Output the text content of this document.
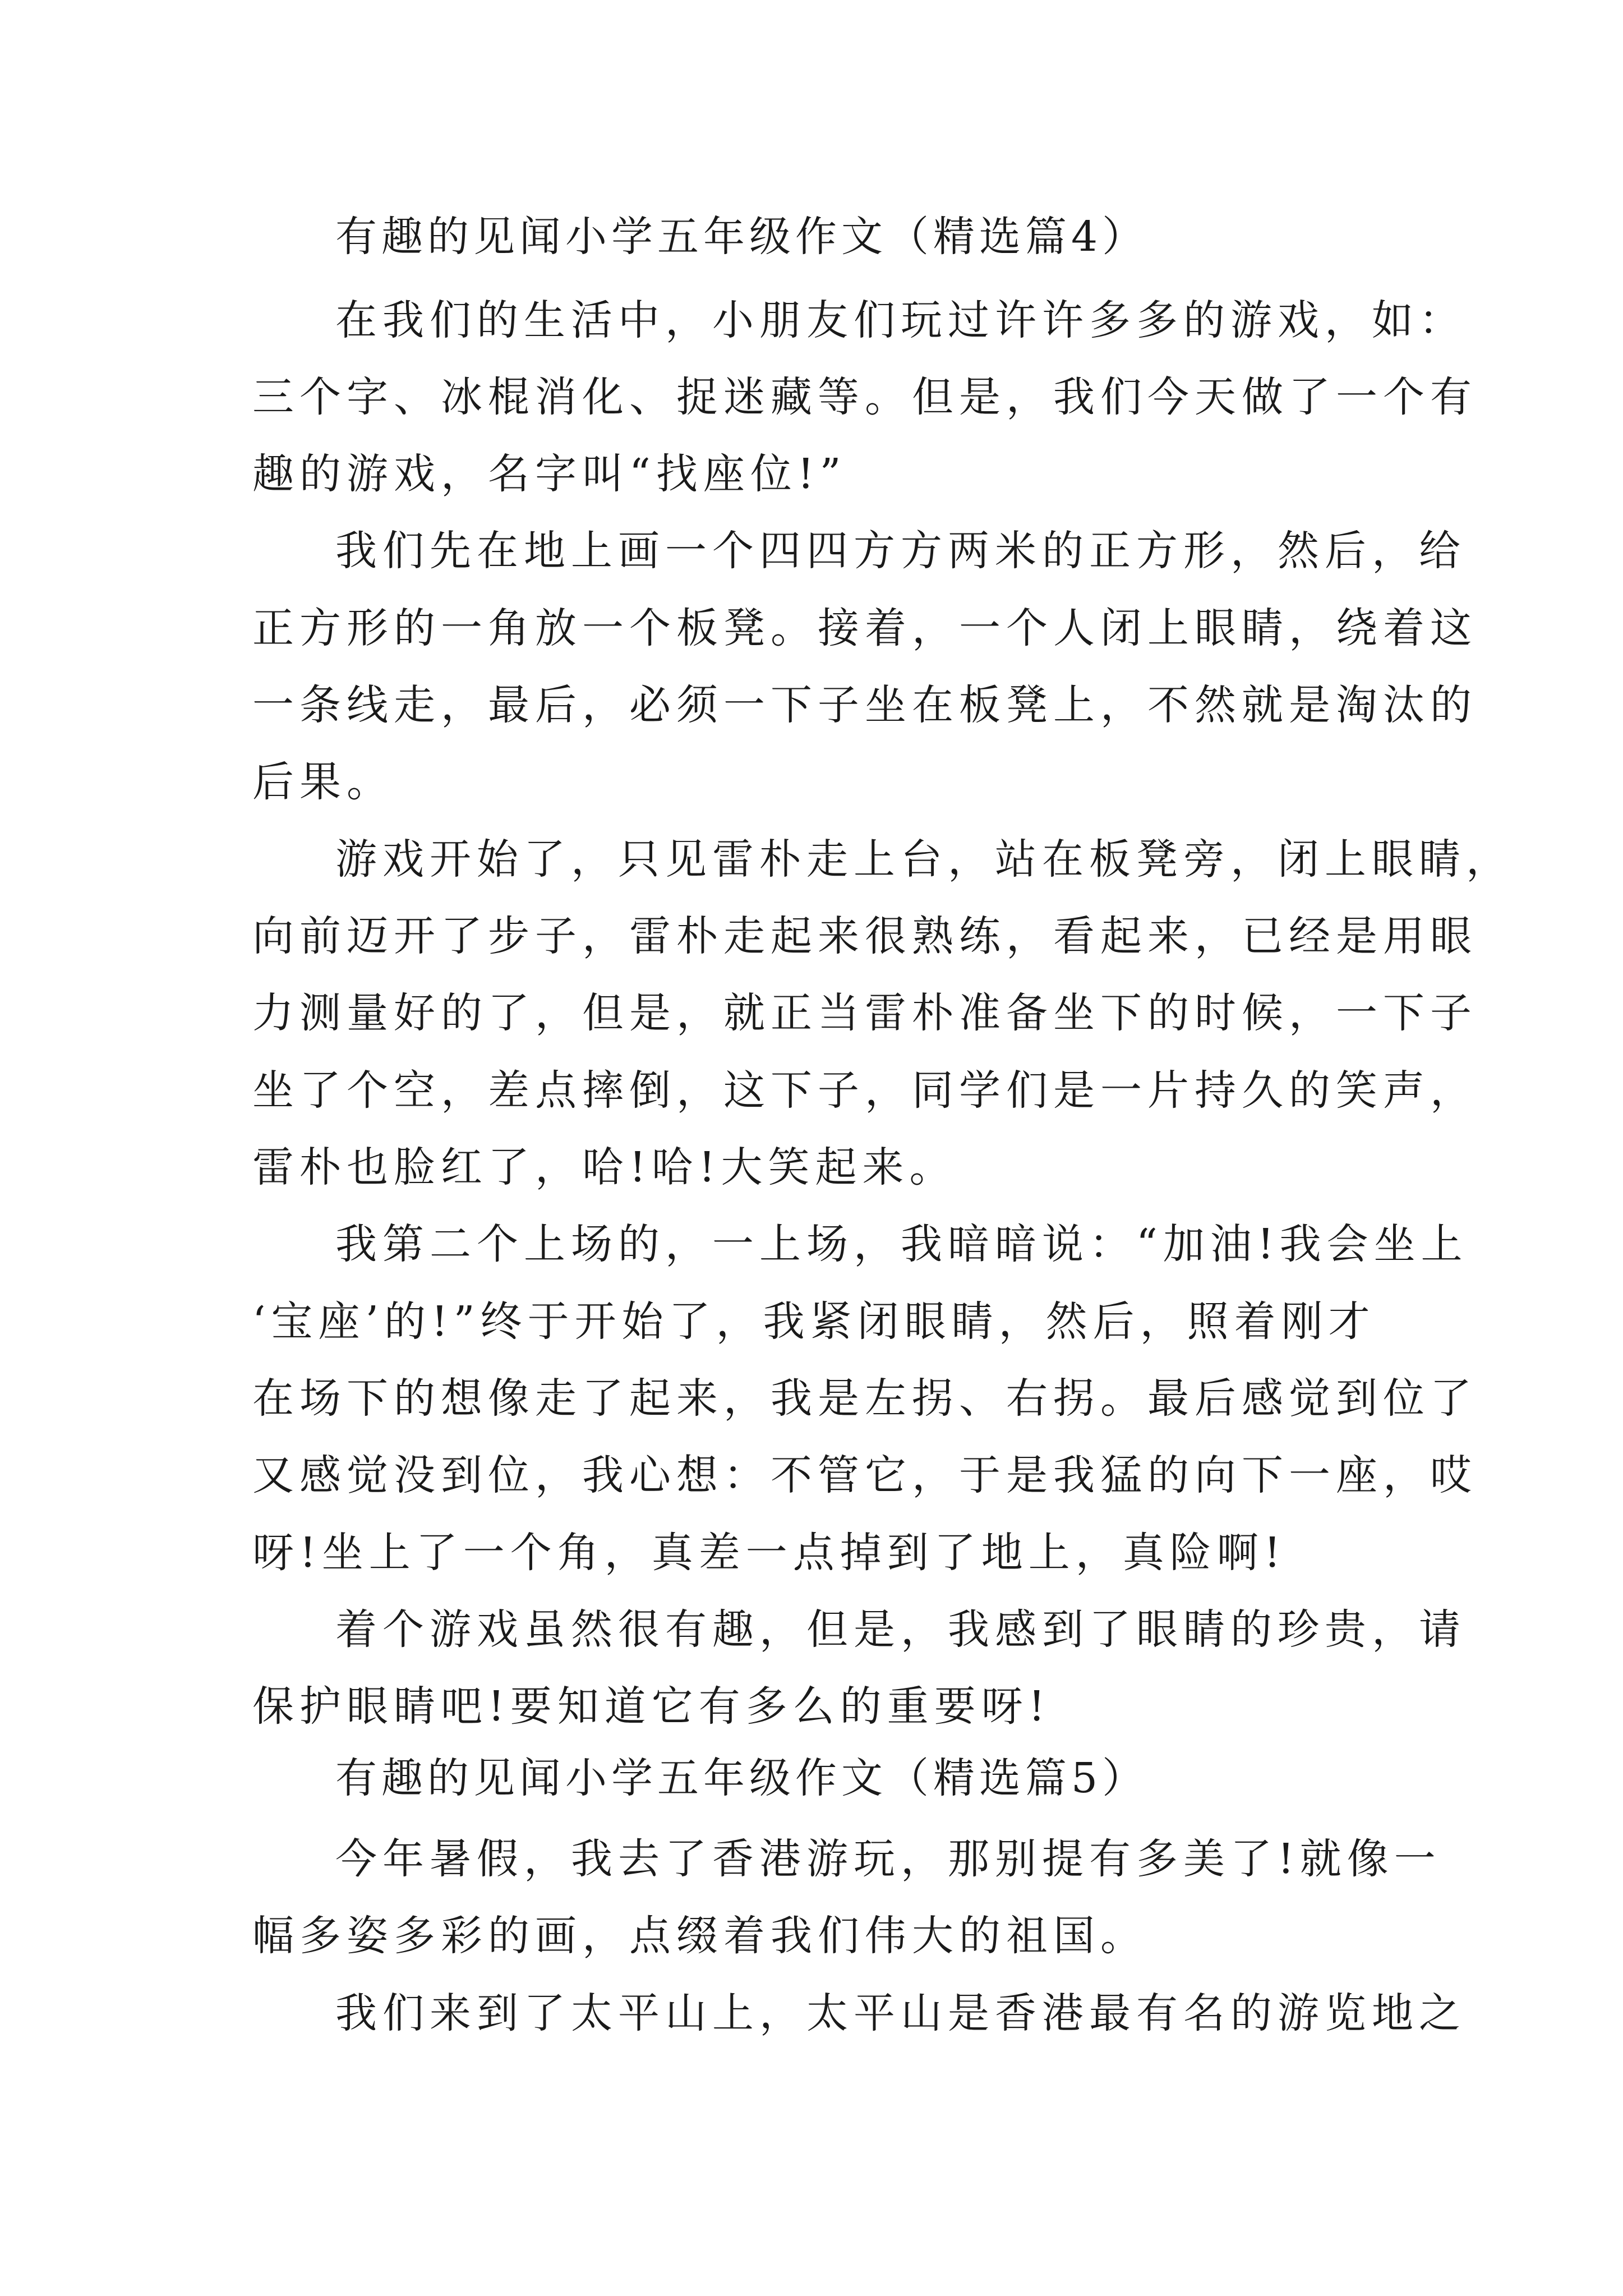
有趣的见闻小学五年级作文（精选篇4）

在我们的生活中，小朋友们玩过许许多多的游戏，如：

三个字、冰棍消化、捉迷藏等。但是，我们今天做了一个有

趣的游戏，名字叫“找座位!”

我们先在地上画一个四四方方两米的正方形，然后，给

正方形的一角放一个板凳。接着，一个人闭上眼睛，绕着这

一条线走，最后，必须一下子坐在板凳上，不然就是淘汰的

后果。

游戏开始了，只见雷朴走上台，站在板凳旁，闭上眼睛，

向前迈开了步子，雷朴走起来很熟练，看起来，已经是用眼

力测量好的了，但是，就正当雷朴准备坐下的时候，一下子

坐了个空，差点摔倒，这下子，同学们是一片持久的笑声，

雷朴也脸红了，哈!哈!大笑起来。

我第二个上场的，一上场，我暗暗说：“加油!我会坐上

‘宝座’的!”终于开始了，我紧闭眼睛，然后，照着刚才

在场下的想像走了起来，我是左拐、右拐。最后感觉到位了

又感觉没到位，我心想：不管它，于是我猛的向下一座，哎

呀!坐上了一个角，真差一点掉到了地上，真险啊!

着个游戏虽然很有趣，但是，我感到了眼睛的珍贵，请

保护眼睛吧!要知道它有多么的重要呀!

有趣的见闻小学五年级作文（精选篇5）

今年暑假，我去了香港游玩，那别提有多美了!就像一

幅多姿多彩的画，点缀着我们伟大的祖国。

我们来到了太平山上，太平山是香港最有名的游览地之
